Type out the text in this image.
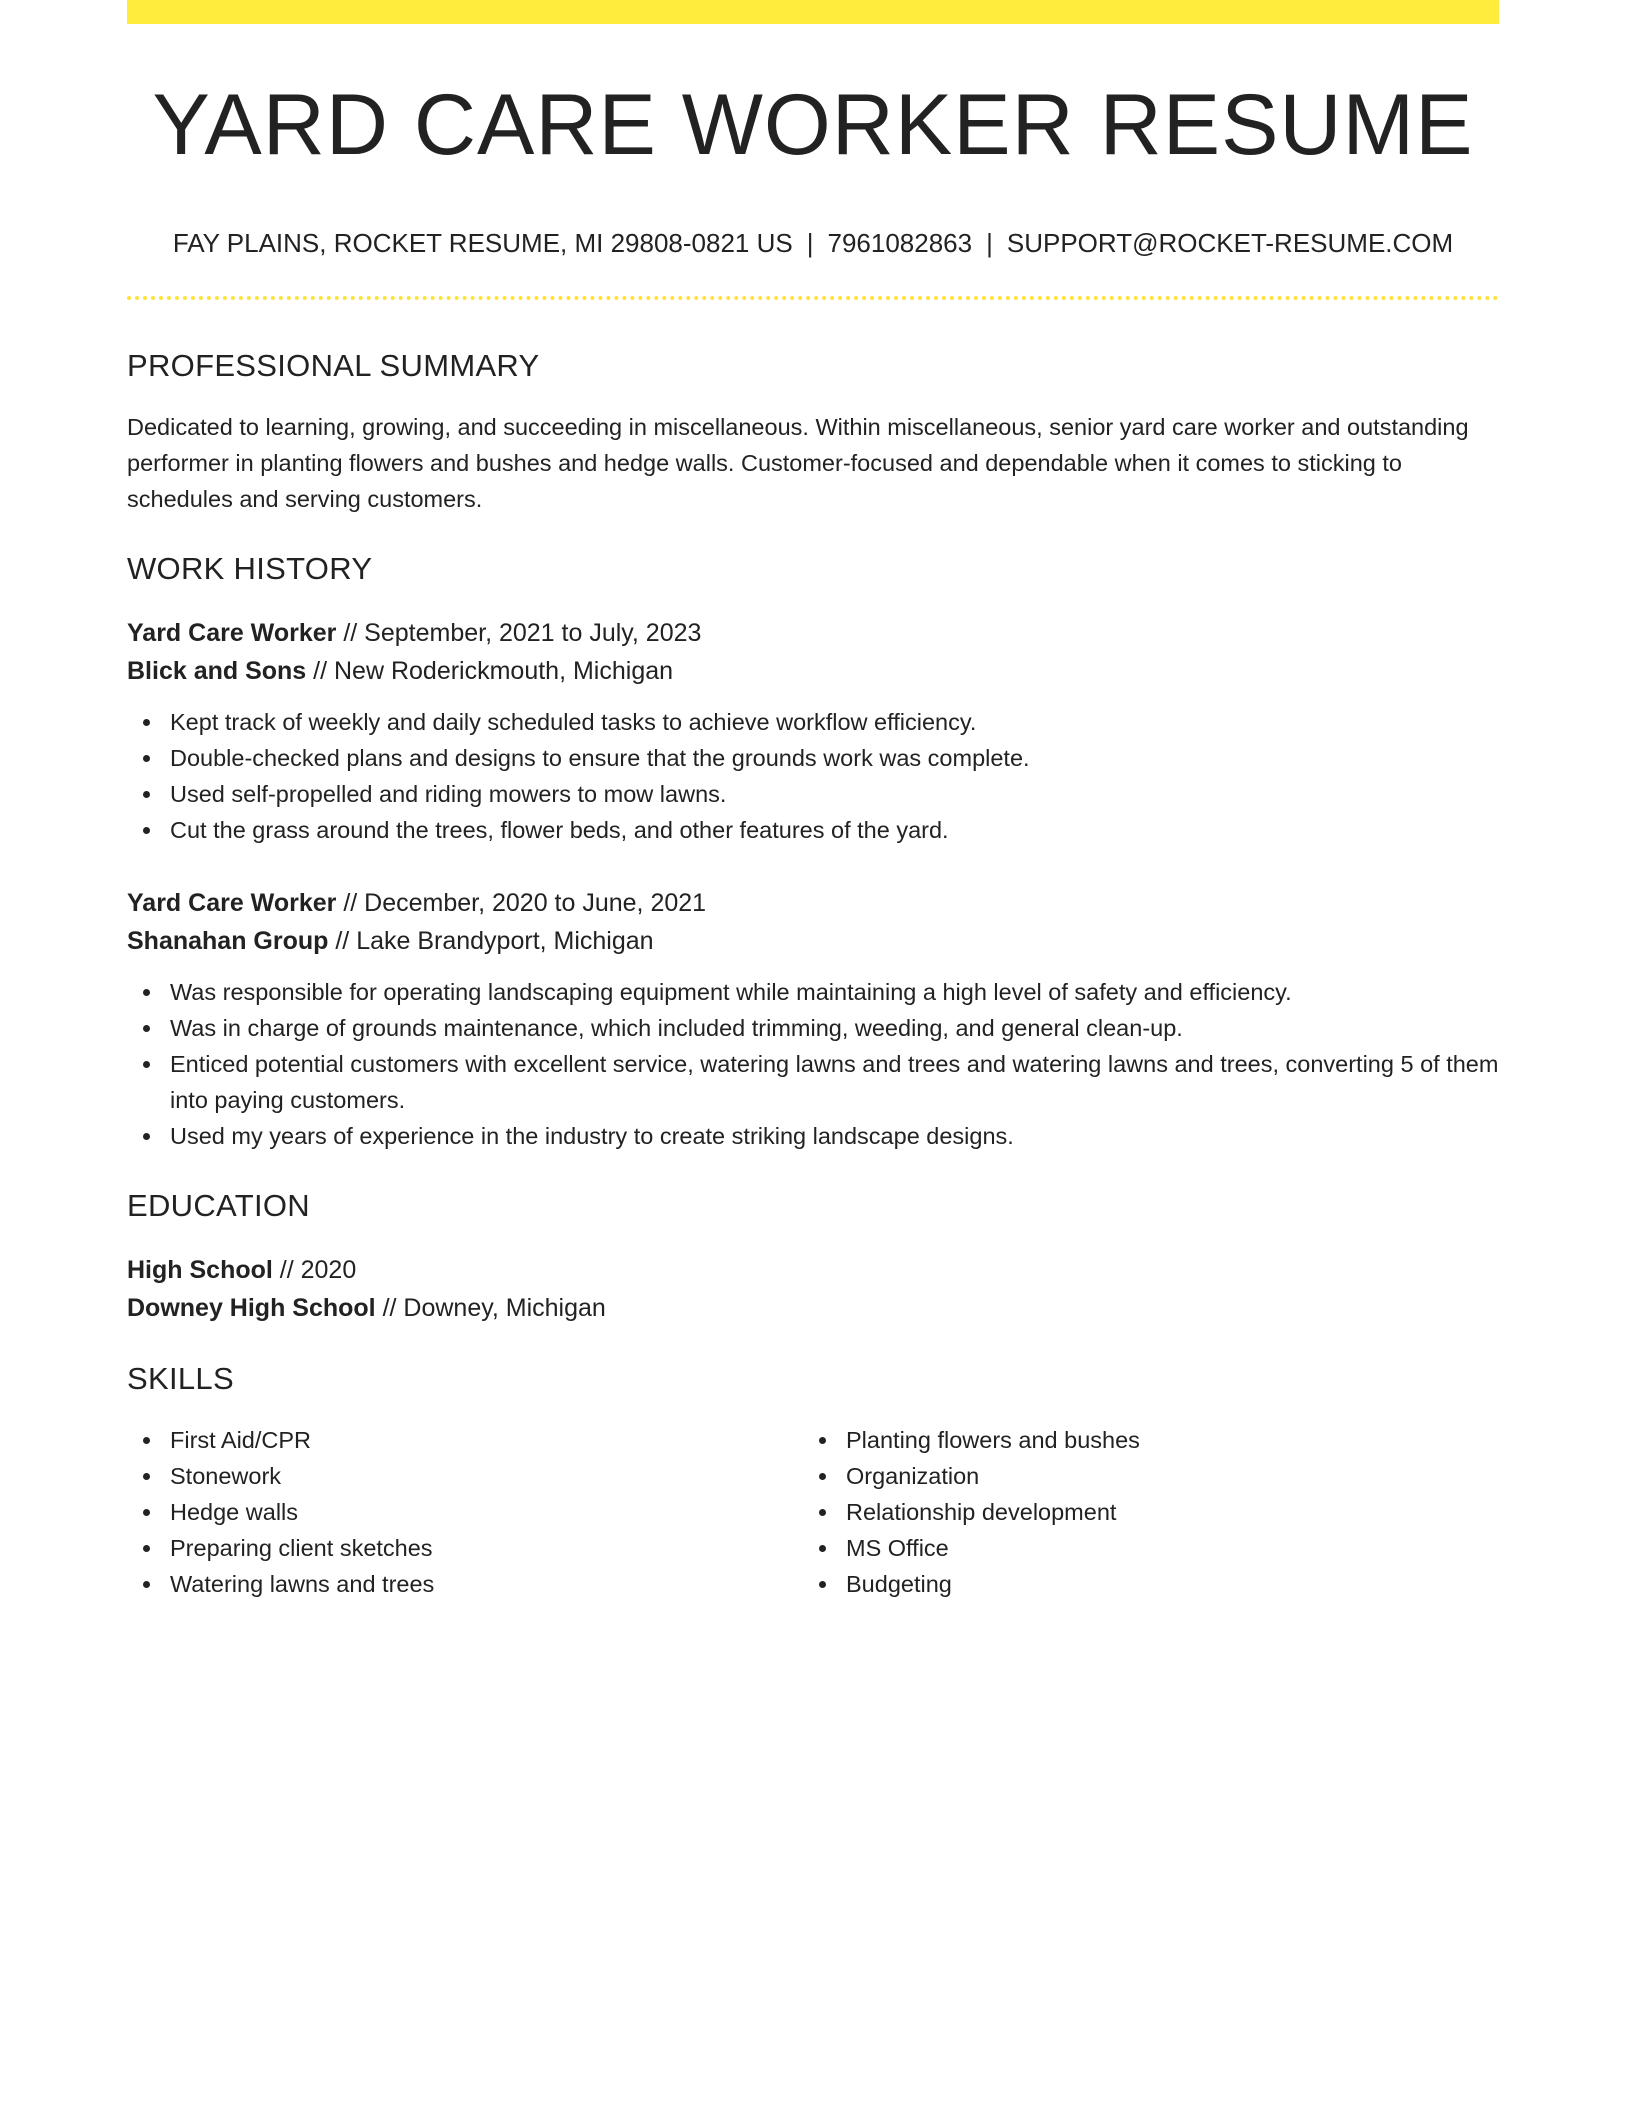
YARD CARE WORKER RESUME
FAY PLAINS, ROCKET RESUME, MI 29808-0821 US | 7961082863 | SUPPORT@ROCKET-RESUME.COM
PROFESSIONAL SUMMARY

Dedicated to learning, growing, and succeeding in miscellaneous. Within miscellaneous, senior yard care worker and outstanding performer in planting flowers and bushes and hedge walls. Customer-focused and dependable when it comes to sticking to schedules and serving customers.

WORK HISTORY
Yard Care Worker // September, 2021 to July, 2023
Blick and Sons // New Roderickmouth, Michigan
Kept track of weekly and daily scheduled tasks to achieve workflow efficiency.
Double-checked plans and designs to ensure that the grounds work was complete.
Used self-propelled and riding mowers to mow lawns.
Cut the grass around the trees, flower beds, and other features of the yard.
Yard Care Worker // December, 2020 to June, 2021
Shanahan Group // Lake Brandyport, Michigan
Was responsible for operating landscaping equipment while maintaining a high level of safety and efficiency.
Was in charge of grounds maintenance, which included trimming, weeding, and general clean-up.
Enticed potential customers with excellent service, watering lawns and trees and watering lawns and trees, converting 5 of them into paying customers.
Used my years of experience in the industry to create striking landscape designs.
EDUCATION
High School // 2020
Downey High School // Downey, Michigan
SKILLS
First Aid/CPR
Stonework
Hedge walls
Preparing client sketches
Watering lawns and trees
Planting flowers and bushes
Organization
Relationship development
MS Office
Budgeting
